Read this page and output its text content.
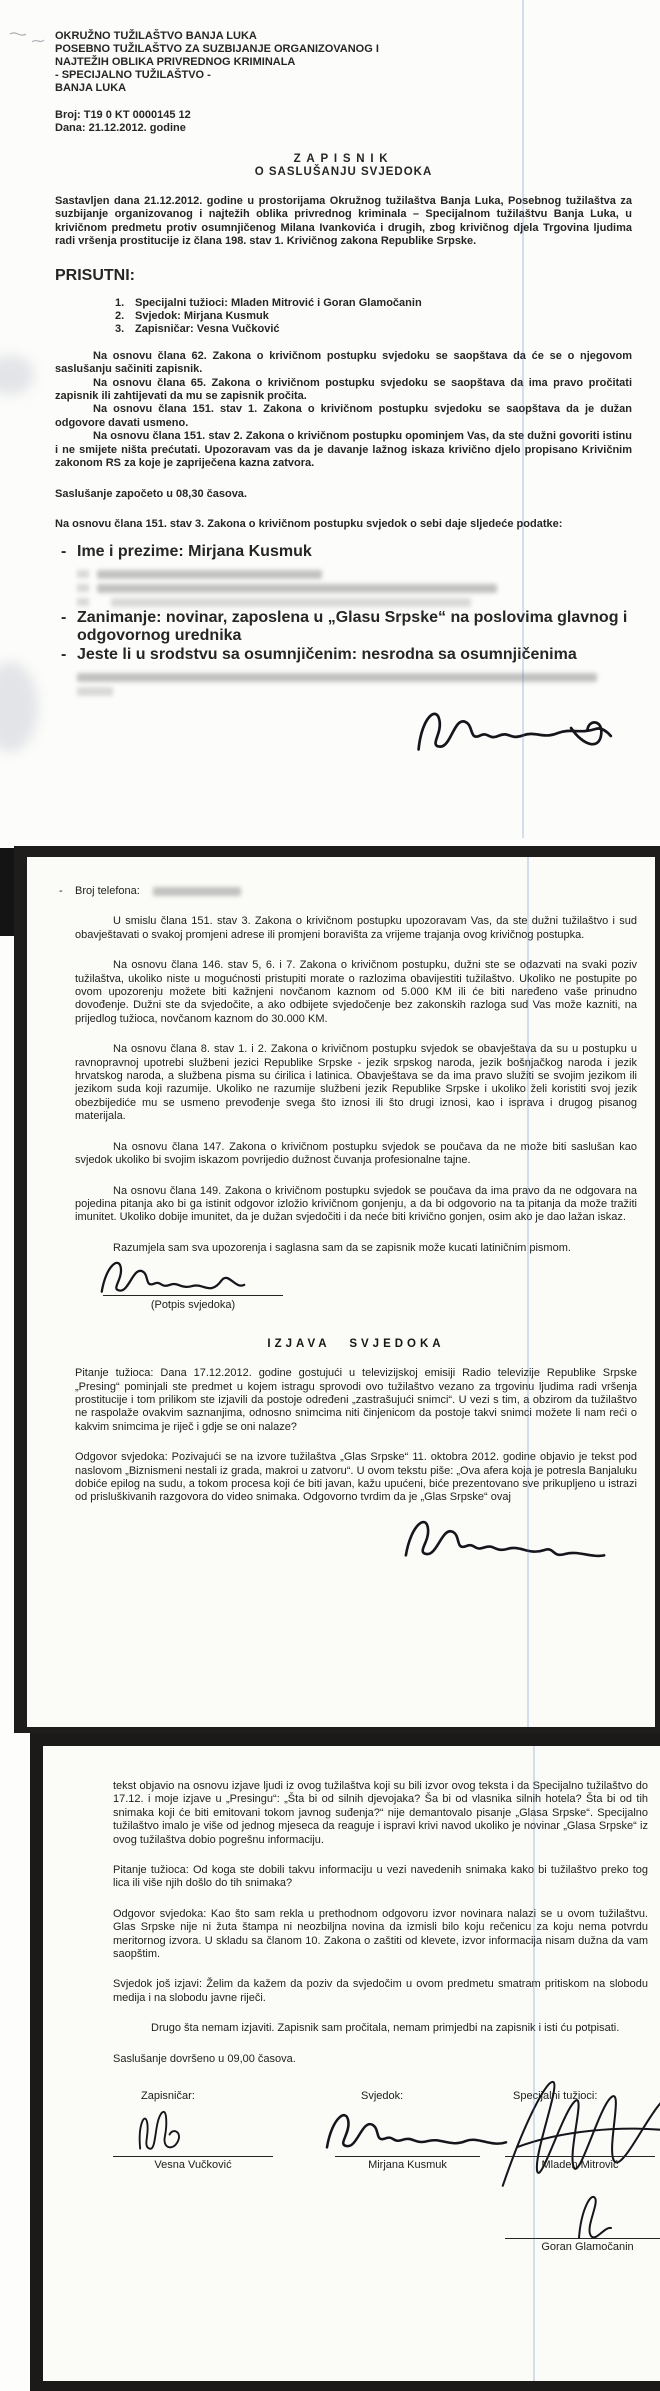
OKRUŽNO TUŽILAŠTVO BANJA LUKA
POSEBNO TUŽILAŠTVO ZA SUZBIJANJE ORGANIZOVANOG I
NAJTEŽIH OBLIKA PRIVREDNOG KRIMINALA
- SPECIJALNO TUŽILAŠTVO -
BANJA LUKA
Broj: T19 0 KT 0000145 12
Dana: 21.12.2012. godine
ZAPISNIK
O SASLUŠANJU SVJEDOKA

Sastavljen dana 21.12.2012. godine u prostorijama Okružnog tužilaštva Banja Luka, Posebnog tužilaštva za suzbijanje organizovanog i najtežih oblika privrednog kriminala – Specijalnom tužilaštvu Banja Luka, u krivičnom predmetu protiv osumnjičenog Milana Ivankovića i drugih, zbog krivičnog djela Trgovina ljudima radi vršenja prostitucije iz člana 198. stav 1. Krivičnog zakona Republike Srpske.

PRISUTNI:
1. Specijalni tužioci: Mladen Mitrović i Goran Glamočanin
2. Svjedok: Mirjana Kusmuk
3. Zapisničar: Vesna Vučković

Na osnovu člana 62. Zakona o krivičnom postupku svjedoku se saopštava da će se o njegovom saslušanju sačiniti zapisnik.

Na osnovu člana 65. Zakona o krivičnom postupku svjedoku se saopštava da ima pravo pročitati zapisnik ili zahtijevati da mu se zapisnik pročita.

Na osnovu člana 151. stav 1. Zakona o krivičnom postupku svjedoku se saopštava da je dužan odgovore davati usmeno.

Na osnovu člana 151. stav 2. Zakona o krivičnom postupku opominjem Vas, da ste dužni govoriti istinu i ne smijete ništa prećutati. Upozoravam vas da je davanje lažnog iskaza krivično djelo propisano Krivičnim zakonom RS za koje je zapriječena kazna zatvora.

Saslušanje započeto u 08,30 časova.

Na osnovu člana 151. stav 3. Zakona o krivičnom postupku svjedok o sebi daje sljedeće podatke:

- Ime i prezime: Mirjana Kusmuk
- Zanimanje: novinar, zaposlena u „Glasu Srpske“ na poslovima glavnog i odgovornog urednika
- Jeste li u srodstvu sa osumnjičenim: nesrodna sa osumnjičenima
- Broj telefona:

U smislu člana 151. stav 3. Zakona o krivičnom postupku upozoravam Vas, da ste dužni tužilaštvo i sud obavještavati o svakoj promjeni adrese ili promjeni boravišta za vrijeme trajanja ovog krivičnog postupka.

Na osnovu člana 146. stav 5, 6. i 7. Zakona o krivičnom postupku, dužni ste se odazvati na svaki poziv tužilaštva, ukoliko niste u mogućnosti pristupiti morate o razlozima obavijestiti tužilaštvo. Ukoliko ne postupite po ovom upozorenju možete biti kažnjeni novčanom kaznom od 5.000 KM ili će biti naređeno vaše prinudno dovođenje. Dužni ste da svjedočite, a ako odbijete svjedočenje bez zakonskih razloga sud Vas može kazniti, na prijedlog tužioca, novčanom kaznom do 30.000 KM.

Na osnovu člana 8. stav 1. i 2. Zakona o krivičnom postupku svjedok se obavještava da su u postupku u ravnopravnoj upotrebi službeni jezici Republike Srpske - jezik srpskog naroda, jezik bošnjačkog naroda i jezik hrvatskog naroda, a službena pisma su ćirilica i latinica. Obavještava se da ima pravo služiti se svojim jezikom ili jezikom suda koji razumije. Ukoliko ne razumije službeni jezik Republike Srpske i ukoliko želi koristiti svoj jezik obezbijediće mu se usmeno prevođenje svega što iznosi ili što drugi iznosi, kao i isprava i drugog pisanog materijala.

Na osnovu člana 147. Zakona o krivičnom postupku svjedok se poučava da ne može biti saslušan kao svjedok ukoliko bi svojim iskazom povrijedio dužnost čuvanja profesionalne tajne.

Na osnovu člana 149. Zakona o krivičnom postupku svjedok se poučava da ima pravo da ne odgovara na pojedina pitanja ako bi ga istinit odgovor izložio krivičnom gonjenju, a da bi odgovorio na ta pitanja da može tražiti imunitet. Ukoliko dobije imunitet, da je dužan svjedočiti i da neće biti krivično gonjen, osim ako je dao lažan iskaz.

Razumjela sam sva upozorenja i saglasna sam da se zapisnik može kucati latiničnim pismom.

(Potpis svjedoka)
IZJAVA SVJEDOKA

Pitanje tužioca: Dana 17.12.2012. godine gostujući u televizijskoj emisiji Radio televizije Republike Srpske „Presing“ pominjali ste predmet u kojem istragu sprovodi ovo tužilaštvo vezano za trgovinu ljudima radi vršenja prostitucije i tom prilikom ste izjavili da postoje određeni „zastrašujući snimci“. U vezi s tim, a obzirom da tužilaštvo ne raspolaže ovakvim saznanjima, odnosno snimcima niti činjenicom da postoje takvi snimci možete li nam reći o kakvim snimcima je riječ i gdje se oni nalaze?

Odgovor svjedoka: Pozivajući se na izvore tužilaštva „Glas Srpske“ 11. oktobra 2012. godine objavio je tekst pod naslovom „Biznismeni nestali iz grada, makroi u zatvoru“. U ovom tekstu piše: „Ova afera koja je potresla Banjaluku dobiće epilog na sudu, a tokom procesa koji će biti javan, kažu upućeni, biće prezentovano sve prikupljeno u istrazi od prisluškivanih razgovora do video snimaka. Odgovorno tvrdim da je „Glas Srpske“ ovaj

tekst objavio na osnovu izjave ljudi iz ovog tužilaštva koji su bili izvor ovog teksta i da Specijalno tužilaštvo do 17.12. i moje izjave u „Presingu“: „Šta bi od silnih djevojaka? Ša bi od vlasnika silnih hotela? Šta bi od tih snimaka koji će biti emitovani tokom javnog suđenja?“ nije demantovalo pisanje „Glasa Srpske“. Specijalno tužilaštvo imalo je više od jednog mjeseca da reaguje i ispravi krivi navod ukoliko je novinar „Glasa Srpske“ iz ovog tužilaštva dobio pogrešnu informaciju.

Pitanje tužioca: Od koga ste dobili takvu informaciju u vezi navedenih snimaka kako bi tužilaštvo preko tog lica ili više njih došlo do tih snimaka?

Odgovor svjedoka: Kao što sam rekla u prethodnom odgovoru izvor novinara nalazi se u ovom tužilaštvu. Glas Srpske nije ni žuta štampa ni neozbiljna novina da izmisli bilo koju rečenicu za koju nema potvrdu meritornog izvora. U skladu sa članom 10. Zakona o zaštiti od klevete, izvor informacija nisam dužna da vam saopštim.

Svjedok još izjavi: Želim da kažem da poziv da svjedočim u ovom predmetu smatram pritiskom na slobodu medija i na slobodu javne riječi.

Drugo šta nemam izjaviti. Zapisnik sam pročitala, nemam primjedbi na zapisnik i isti ću potpisati.

Saslušanje dovršeno u 09,00 časova.

Zapisničar:
Vesna Vučković
Svjedok:
Mirjana Kusmuk
Specijalni tužioci:
Mladen Mitrović
Goran Glamočanin
